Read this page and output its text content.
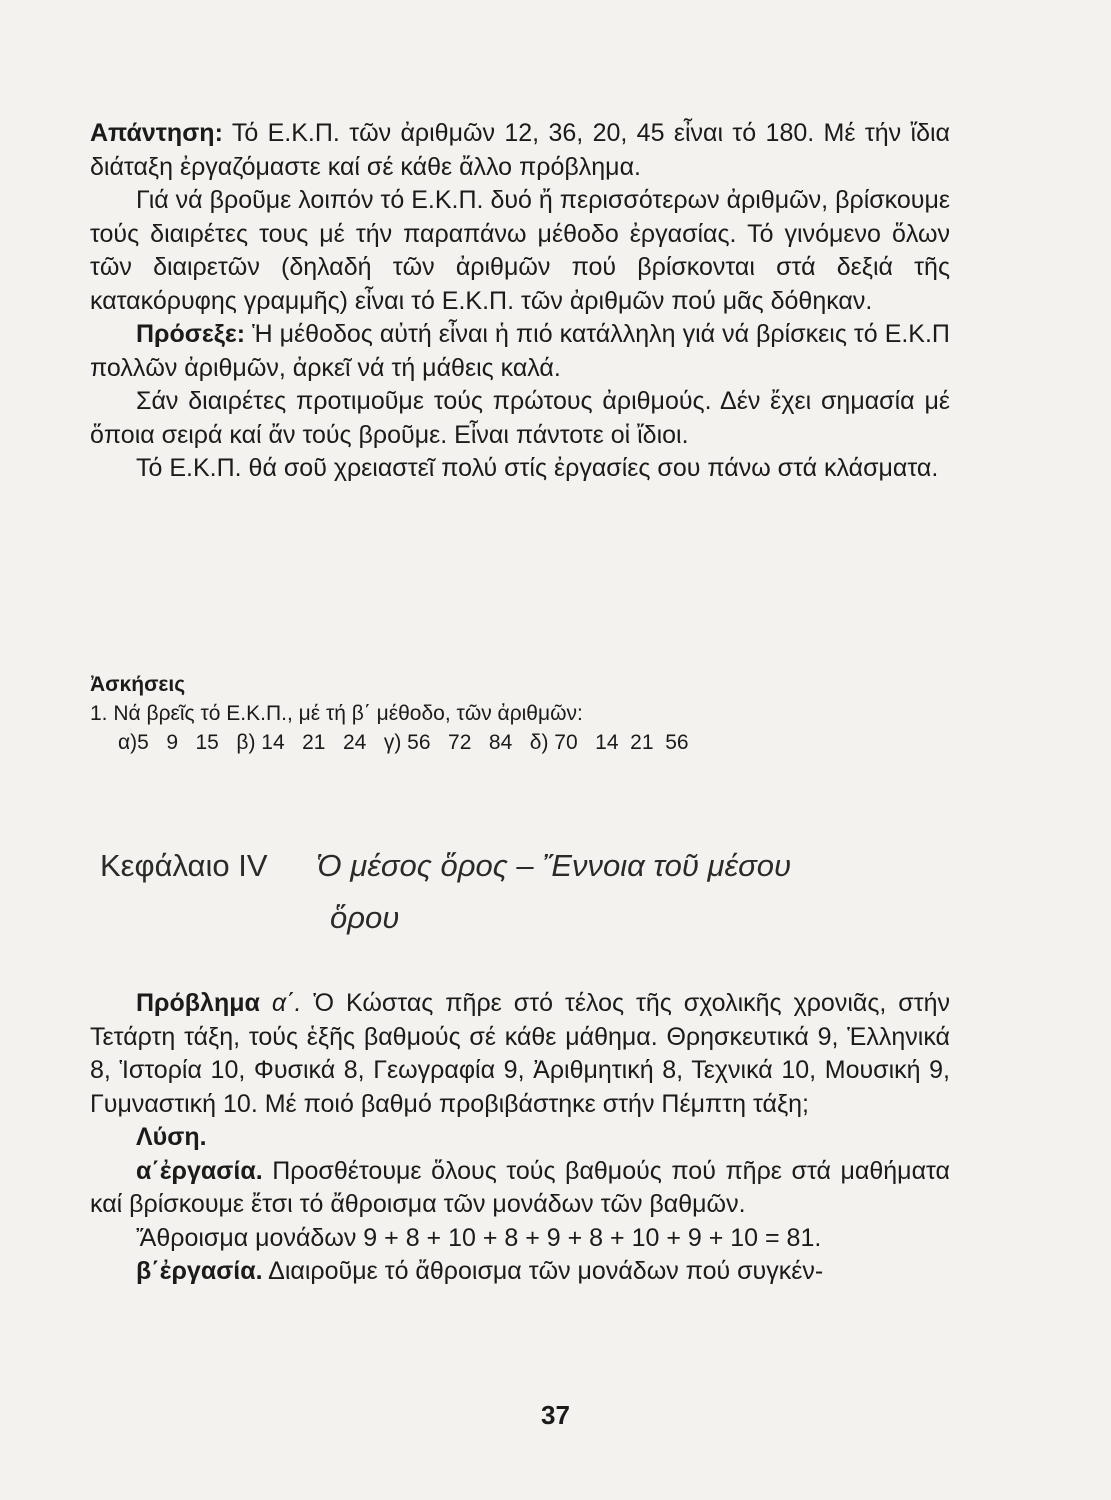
Απάντηση: Τό Ε.Κ.Π. τῶν ἀριθμῶν 12, 36, 20, 45 εἶναι τό 180. Μέ τήν ἴδια διάταξη ἐργαζόμαστε καί σέ κάθε ἄλλο πρόβλημα.

Γιά νά βροῦμε λοιπόν τό Ε.Κ.Π. δυό ἤ περισσότερων ἀριθμῶν, βρίσκουμε τούς διαιρέτες τους μέ τήν παραπάνω μέθοδο ἐργασίας. Τό γινόμενο ὅλων τῶν διαιρετῶν (δηλαδή τῶν ἀριθμῶν πού βρίσκονται στά δεξιά τῆς κατακόρυφης γραμμῆς) εἶναι τό Ε.Κ.Π. τῶν ἀριθμῶν πού μᾶς δόθηκαν.

Πρόσεξε: Ἡ μέθοδος αὐτή εἶναι ἡ πιό κατάλληλη γιά νά βρίσκεις τό Ε.Κ.Π πολλῶν ἀριθμῶν, ἀρκεῖ νά τή μάθεις καλά.

Σάν διαιρέτες προτιμοῦμε τούς πρώτους ἀριθμούς. Δέν ἔχει σημασία μέ ὅποια σειρά καί ἄν τούς βροῦμε. Εἶναι πάντοτε οἱ ἴδιοι.

Τό Ε.Κ.Π. θά σοῦ χρειαστεῖ πολύ στίς ἐργασίες σου πάνω στά κλάσματα.

Ἀσκήσεις

1. Νά βρεῖς τό Ε.Κ.Π., μέ τή β΄ μέθοδο, τῶν ἀριθμῶν:

α)5   9   15   β) 14   21   24   γ) 56   72   84   δ) 70   14  21  56

Κεφάλαιο IV Ὁ μέσος ὅρος – Ἔννοια τοῦ μέσου
ὅρου

Πρόβλημα α΄. Ὁ Κώστας πῆρε στό τέλος τῆς σχολικῆς χρονιᾶς, στήν Τετάρτη τάξη, τούς ἑξῆς βαθμούς σέ κάθε μάθημα. Θρησκευτικά 9, Ἑλληνικά 8, Ἱστορία 10, Φυσικά 8, Γεωγραφία 9, Ἀριθμητική 8, Τεχνικά 10, Μουσική 9, Γυμναστική 10. Μέ ποιό βαθμό προβιβάστηκε στήν Πέμπτη τάξη;

Λύση.

α΄ἐργασία. Προσθέτουμε ὅλους τούς βαθμούς πού πῆρε στά μαθήματα καί βρίσκουμε ἔτσι τό ἄθροισμα τῶν μονάδων τῶν βαθμῶν.

Ἄθροισμα μονάδων 9 + 8 + 10 + 8 + 9 + 8 + 10 + 9 + 10 = 81.

β΄ἐργασία. Διαιροῦμε τό ἄθροισμα τῶν μονάδων πού συγκέν-

37
